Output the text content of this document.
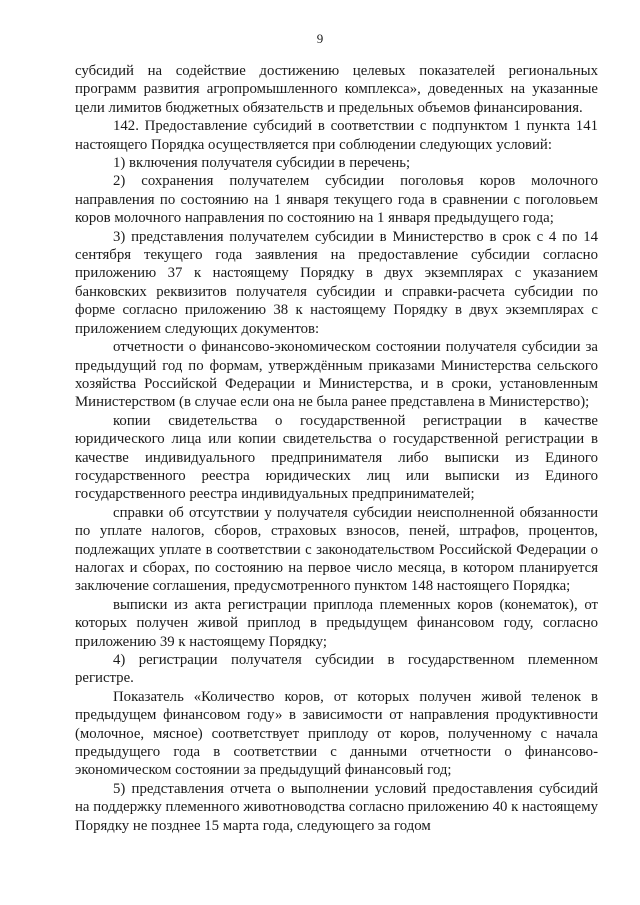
9

субсидий на содействие достижению целевых показателей региональных программ развития агропромышленного комплекса», доведенных на указанные цели лимитов бюджетных обязательств и предельных объемов финансирования.

142. Предоставление субсидий в соответствии с подпунктом 1 пункта 141 настоящего Порядка осуществляется при соблюдении следующих условий:

1) включения получателя субсидии в перечень;

2) сохранения получателем субсидии поголовья коров молочного направления по состоянию на 1 января текущего года в сравнении с поголовьем коров молочного направления по состоянию на 1 января предыдущего года;

3) представления получателем субсидии в Министерство в срок с 4 по 14 сентября текущего года заявления на предоставление субсидии согласно приложению 37 к настоящему Порядку в двух экземплярах с указанием банковских реквизитов получателя субсидии и справки-расчета субсидии по форме согласно приложению 38 к настоящему Порядку в двух экземплярах с приложением следующих документов:

отчетности о финансово-экономическом состоянии получателя субсидии за предыдущий год по формам, утверждённым приказами Министерства сельского хозяйства Российской Федерации и Министерства, и в сроки, установленным Министерством (в случае если она не была ранее представлена в Министерство);

копии свидетельства о государственной регистрации в качестве юридического лица или копии свидетельства о государственной регистрации в качестве индивидуального предпринимателя либо выписки из Единого государственного реестра юридических лиц или выписки из Единого государственного реестра индивидуальных предпринимателей;

справки об отсутствии у получателя субсидии неисполненной обязанности по уплате налогов, сборов, страховых взносов, пеней, штрафов, процентов, подлежащих уплате в соответствии с законодательством Российской Федерации о налогах и сборах, по состоянию на первое число месяца, в котором планируется заключение соглашения, предусмотренного пунктом 148 настоящего Порядка;

выписки из акта регистрации приплода племенных коров (конематок), от которых получен живой приплод в предыдущем финансовом году, согласно приложению 39 к настоящему Порядку;

4) регистрации получателя субсидии в государственном племенном регистре.

Показатель «Количество коров, от которых получен живой теленок в предыдущем финансовом году» в зависимости от направления продуктивности (молочное, мясное) соответствует приплоду от коров, полученному с начала предыдущего года в соответствии с данными отчетности о финансово-экономическом состоянии за предыдущий финансовый год;

5) представления отчета о выполнении условий предоставления субсидий на поддержку племенного животноводства согласно приложению 40 к настоящему Порядку не позднее 15 марта года, следующего за годом
